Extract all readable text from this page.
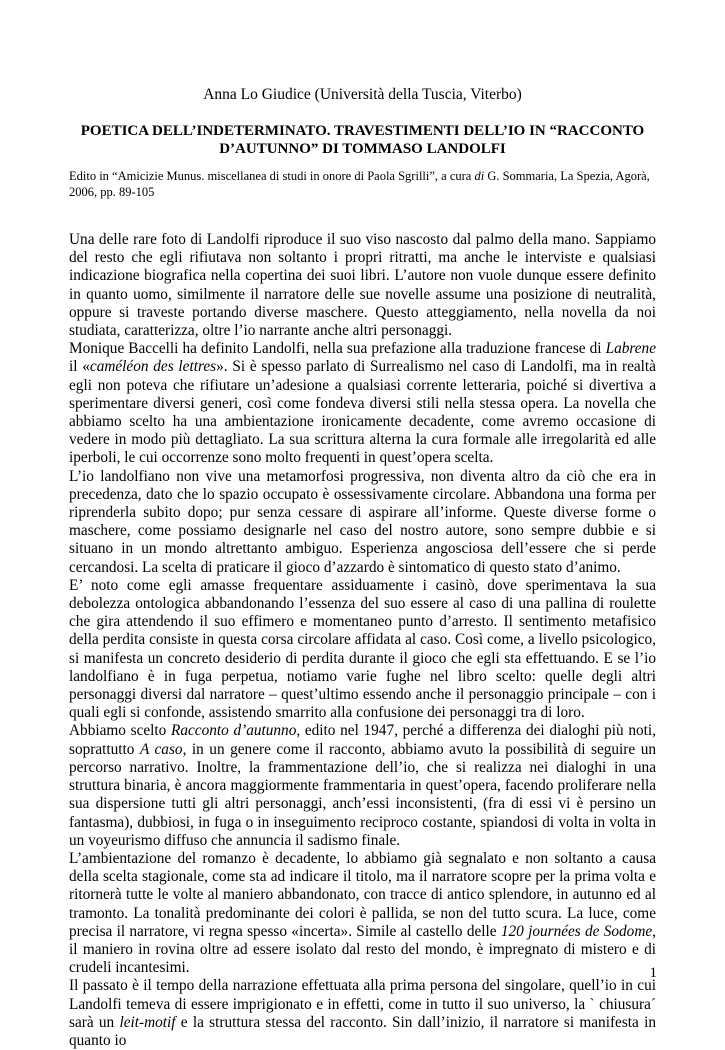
Anna Lo Giudice (Università della Tuscia, Viterbo)
POETICA DELL’INDETERMINATO. TRAVESTIMENTI DELL’IO IN “RACCONTO
D’AUTUNNO” DI TOMMASO LANDOLFI
Edito in “Amicizie Munus. miscellanea di studi in onore di Paola Sgrilli”, a cura di G. Sommaria, La Spezia, Agorà, 2006, pp. 89-105

Una delle rare foto di Landolfi riproduce il suo viso nascosto dal palmo della mano. Sappiamo del resto che egli rifiutava non soltanto i propri ritratti, ma anche le interviste e qualsiasi indicazione biografica nella copertina dei suoi libri. L’autore non vuole dunque essere definito in quanto uomo, similmente il narratore delle sue novelle assume una posizione di neutralità, oppure si traveste portando diverse maschere. Questo atteggiamento, nella novella da noi studiata, caratterizza, oltre l’io narrante anche altri personaggi.

Monique Baccelli ha definito Landolfi, nella sua prefazione alla traduzione francese di Labrene il «caméléon des lettres». Si è spesso parlato di Surrealismo nel caso di Landolfi, ma in realtà egli non poteva che rifiutare un’adesione a qualsiasi corrente letteraria, poiché si divertiva a sperimentare diversi generi, così come fondeva diversi stili nella stessa opera. La novella che abbiamo scelto ha una ambientazione ironicamente decadente, come avremo occasione di vedere in modo più dettagliato. La sua scrittura alterna la cura formale alle irregolarità ed alle iperboli, le cui occorrenze sono molto frequenti in quest’opera scelta.

L’io landolfiano non vive una metamorfosi progressiva, non diventa altro da ciò che era in precedenza, dato che lo spazio occupato è ossessivamente circolare. Abbandona una forma per riprenderla subito dopo; pur senza cessare di aspirare all’informe. Queste diverse forme o maschere, come possiamo designarle nel caso del nostro autore, sono sempre dubbie e si situano in un mondo altrettanto ambiguo. Esperienza angosciosa dell’essere che si perde cercandosi. La scelta di praticare il gioco d’azzardo è sintomatico di questo stato d’animo.

E’ noto come egli amasse frequentare assiduamente i casinò, dove sperimentava la sua debolezza ontologica abbandonando l’essenza del suo essere al caso di una pallina di roulette che gira attendendo il suo effimero e momentaneo punto d’arresto. Il sentimento metafisico della perdita consiste in questa corsa circolare affidata al caso. Così come, a livello psicologico, si manifesta un concreto desiderio di perdita durante il gioco che egli sta effettuando. E se l’io landolfiano è in fuga perpetua, notiamo varie fughe nel libro scelto: quelle degli altri personaggi diversi dal narratore – quest’ultimo essendo anche il personaggio principale – con i quali egli si confonde, assistendo smarrito alla confusione dei personaggi tra di loro.

Abbiamo scelto Racconto d’autunno, edito nel 1947, perché a differenza dei dialoghi più noti, soprattutto A caso, in un genere come il racconto, abbiamo avuto la possibilità di seguire un percorso narrativo. Inoltre, la frammentazione dell’io, che si realizza nei dialoghi in una struttura binaria, è ancora maggiormente frammentaria in quest’opera, facendo proliferare nella sua dispersione tutti gli altri personaggi, anch’essi inconsistenti, (fra di essi vi è persino un fantasma), dubbiosi, in fuga o in inseguimento reciproco costante, spiandosi di volta in volta in un voyeurismo diffuso che annuncia il sadismo finale.

L’ambientazione del romanzo è decadente, lo abbiamo già segnalato e non soltanto a causa della scelta stagionale, come sta ad indicare il titolo, ma il narratore scopre per la prima volta e ritornerà tutte le volte al maniero abbandonato, con tracce di antico splendore, in autunno ed al tramonto. La tonalità predominante dei colori è pallida, se non del tutto scura. La luce, come precisa il narratore, vi regna spesso «incerta». Simile al castello delle 120 journées de Sodome, il maniero in rovina oltre ad essere isolato dal resto del mondo, è impregnato di mistero e di crudeli incantesimi.

Il passato è il tempo della narrazione effettuata alla prima persona del singolare, quell’io in cui Landolfi temeva di essere imprigionato e in effetti, come in tutto il suo universo, la ` chiusura´ sarà un leit-motif e la struttura stessa del racconto. Sin dall’inizio, il narratore si manifesta in quanto io

1
